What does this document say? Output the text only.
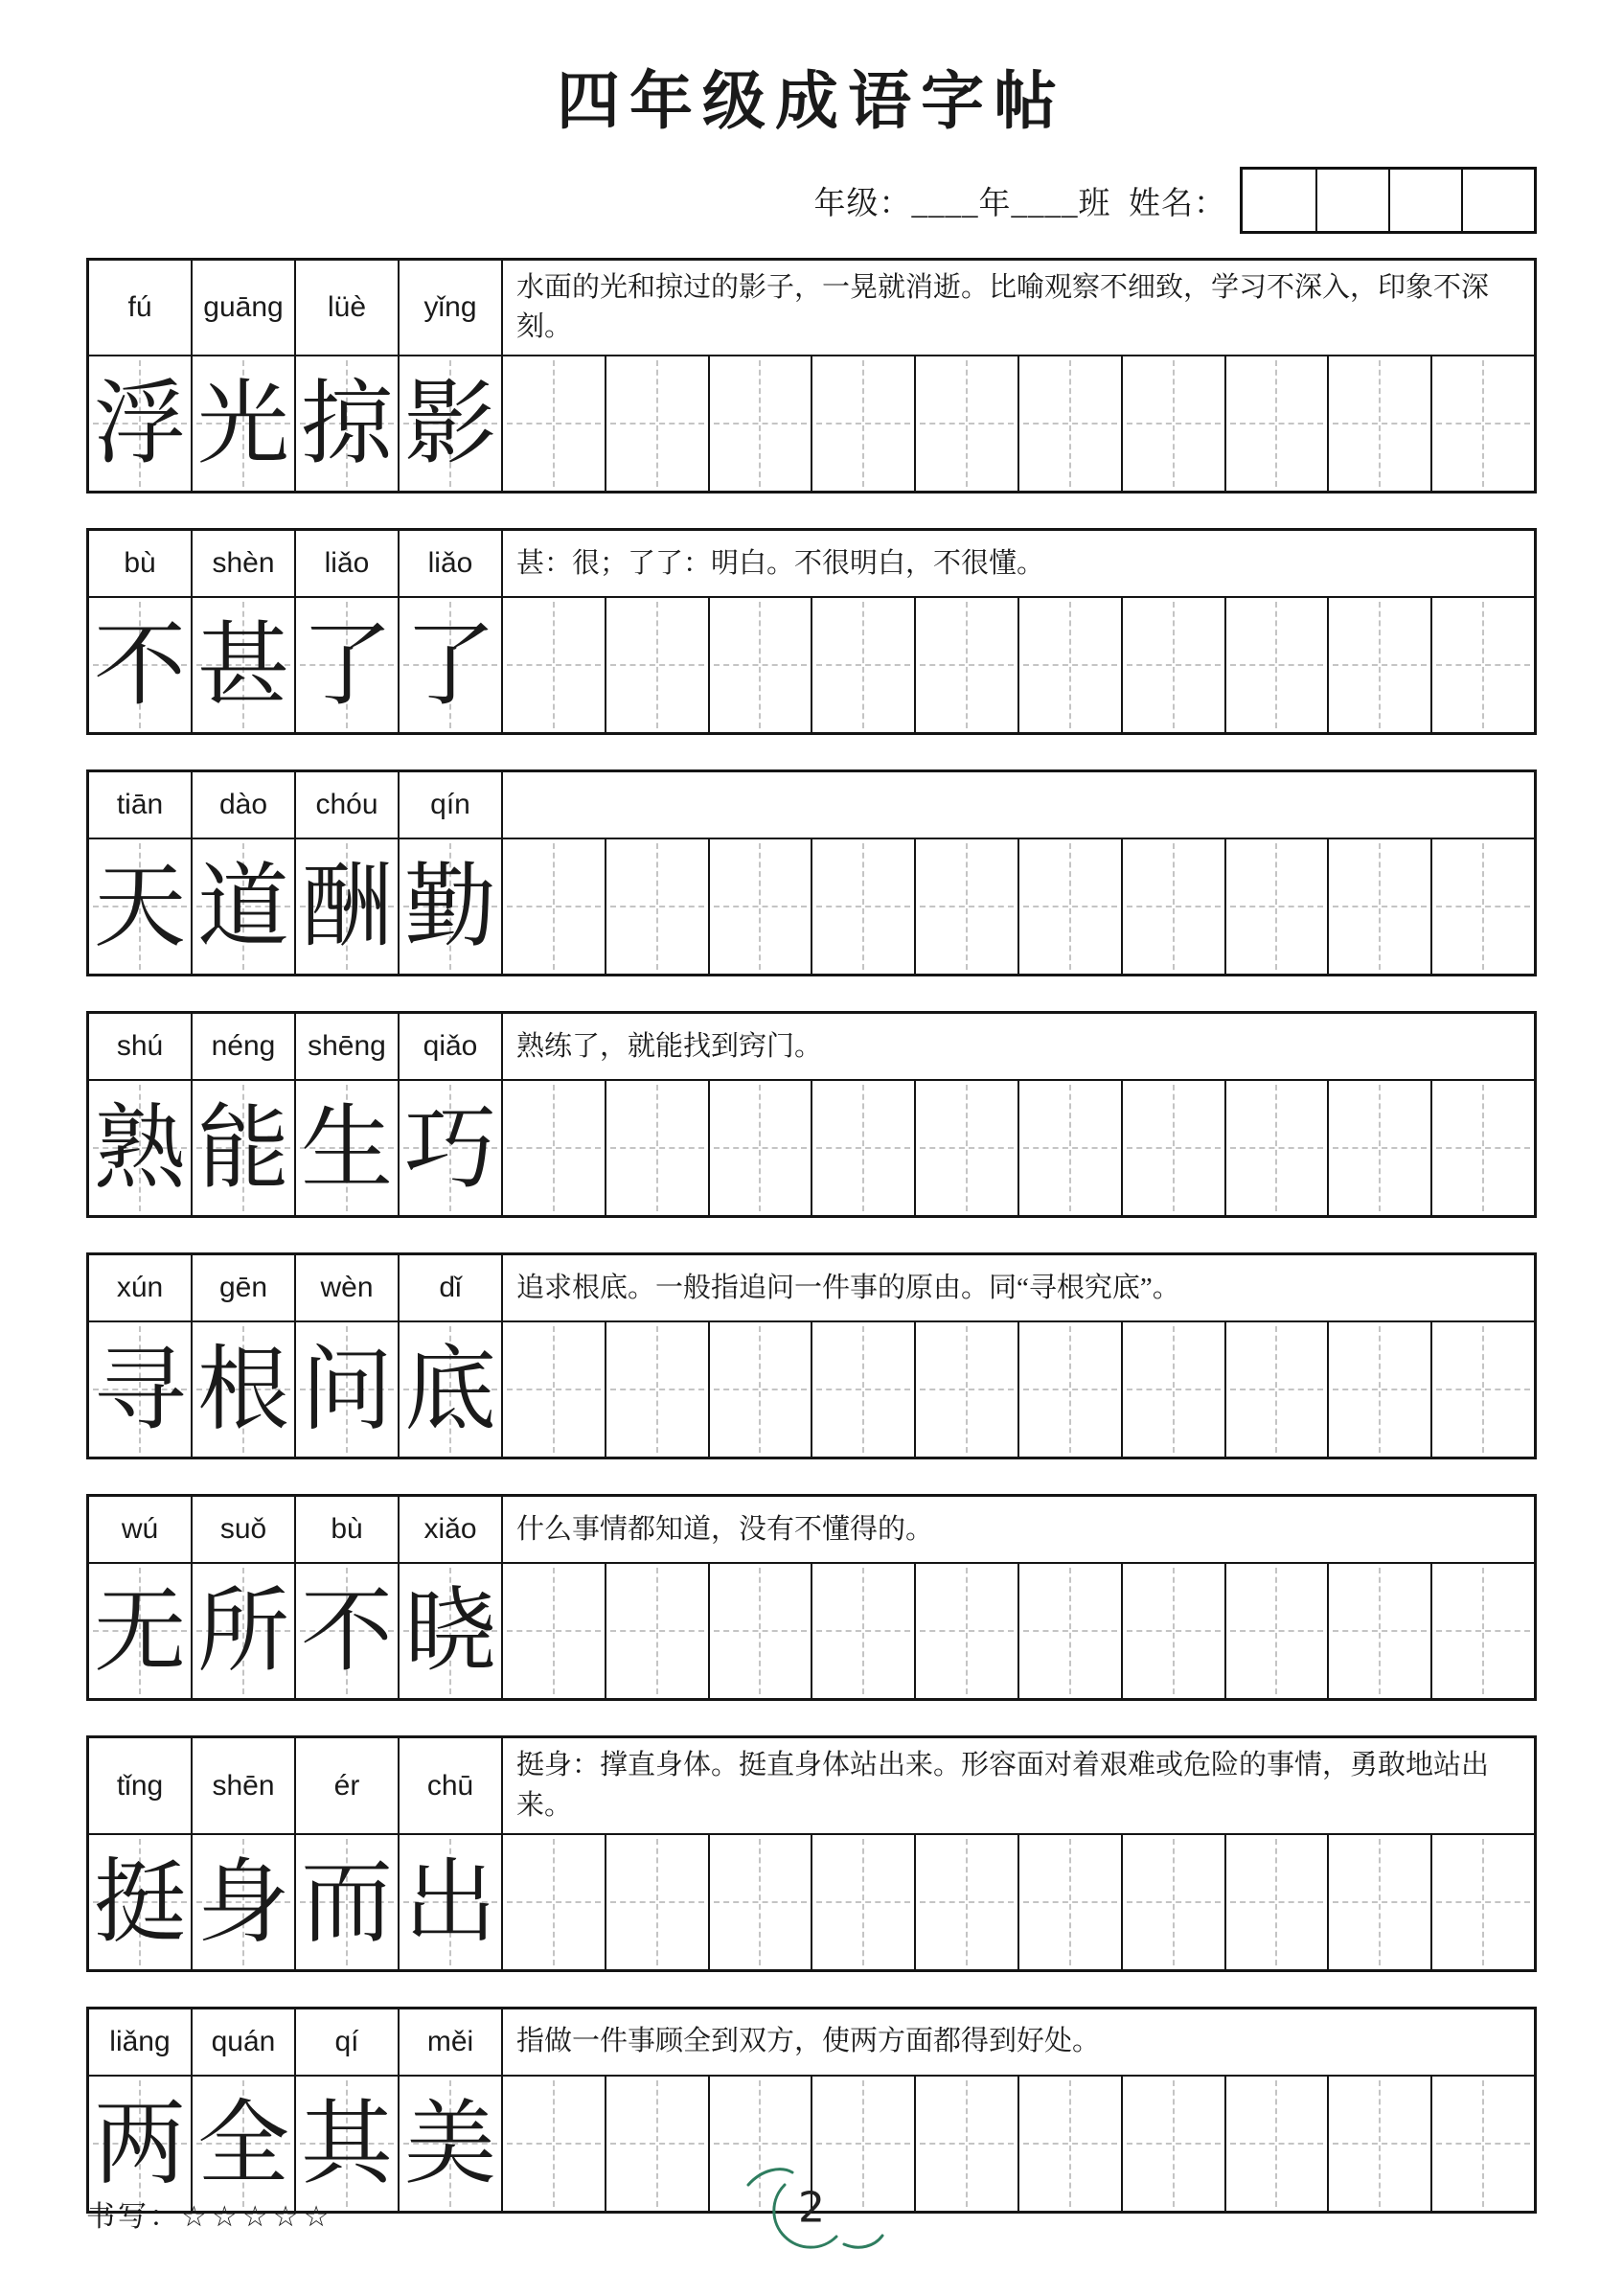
四年级成语字帖
年级：____年____班  姓名：
fú	guāng	lüè	yǐng
水面的光和掠过的影子，一晃就消逝。比喻观察不细致，学习不深入，印象不深刻。
浮 光 掠 影
bù	shèn	liǎo	liǎo	甚：很；了了：明白。不很明白，不很懂。
不 甚 了 了
tiān	dào	chóu	qín
天 道 酬 勤
shú	néng	shēng	qiǎo	熟练了，就能找到窍门。
熟 能 生 巧
xún	gēn	wèn	dǐ	追求根底。一般指追问一件事的原由。同“寻根究底”。
寻 根 问 底
wú	suǒ	bù	xiǎo	什么事情都知道，没有不懂得的。
无 所 不 晓
tǐng	shēn	ér	chū
挺身：撑直身体。挺直身体站出来。形容面对着艰难或危险的事情，勇敢地站出来。
挺 身 而 出
liǎng	quán	qí	měi	指做一件事顾全到双方，使两方面都得到好处。
两 全 其 美
书写：☆☆☆☆☆	2
